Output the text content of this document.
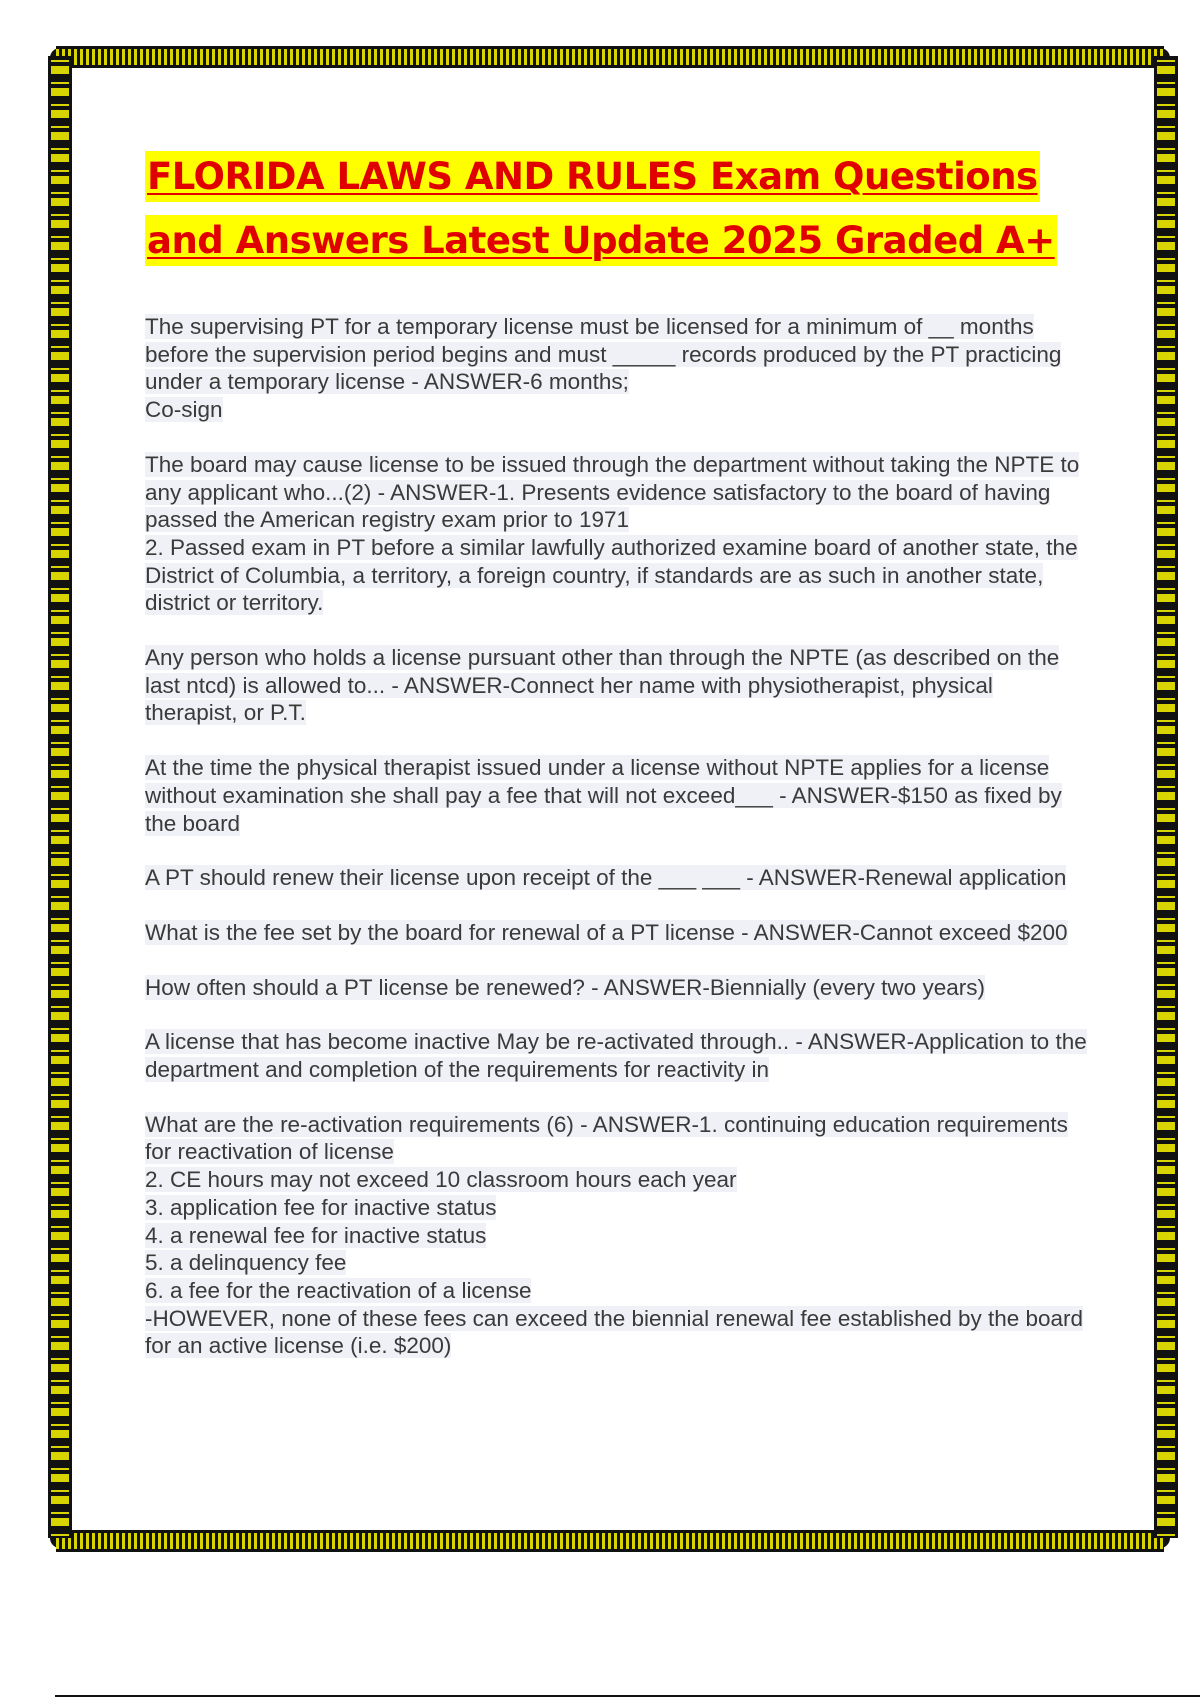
FLORIDA LAWS AND RULES Exam Questions and Answers Latest Update 2025 Graded A+

The supervising PT for a temporary license must be licensed for a minimum of __ months before the supervision period begins and must _____ records produced by the PT practicing under a temporary license - ANSWER-6 months;
Co-sign

The board may cause license to be issued through the department without taking the NPTE to any applicant who...(2) - ANSWER-1. Presents evidence satisfactory to the board of having passed the American registry exam prior to 1971
2. Passed exam in PT before a similar lawfully authorized examine board of another state, the District of Columbia, a territory, a foreign country, if standards are as such in another state, district or territory.

Any person who holds a license pursuant other than through the NPTE (as described on the last ntcd) is allowed to... - ANSWER-Connect her name with physiotherapist, physical therapist, or P.T.

At the time the physical therapist issued under a license without NPTE applies for a license without examination she shall pay a fee that will not exceed___ - ANSWER-$150 as fixed by the board

A PT should renew their license upon receipt of the ___ ___ - ANSWER-Renewal application

What is the fee set by the board for renewal of a PT license - ANSWER-Cannot exceed $200

How often should a PT license be renewed? - ANSWER-Biennially (every two years)

A license that has become inactive May be re-activated through.. - ANSWER-Application to the department and completion of the requirements for reactivity in

What are the re-activation requirements (6) - ANSWER-1. continuing education requirements for reactivation of license
2. CE hours may not exceed 10 classroom hours each year
3. application fee for inactive status
4. a renewal fee for inactive status
5. a delinquency fee
6. a fee for the reactivation of a license
-HOWEVER, none of these fees can exceed the biennial renewal fee established by the board for an active license (i.e. $200)
